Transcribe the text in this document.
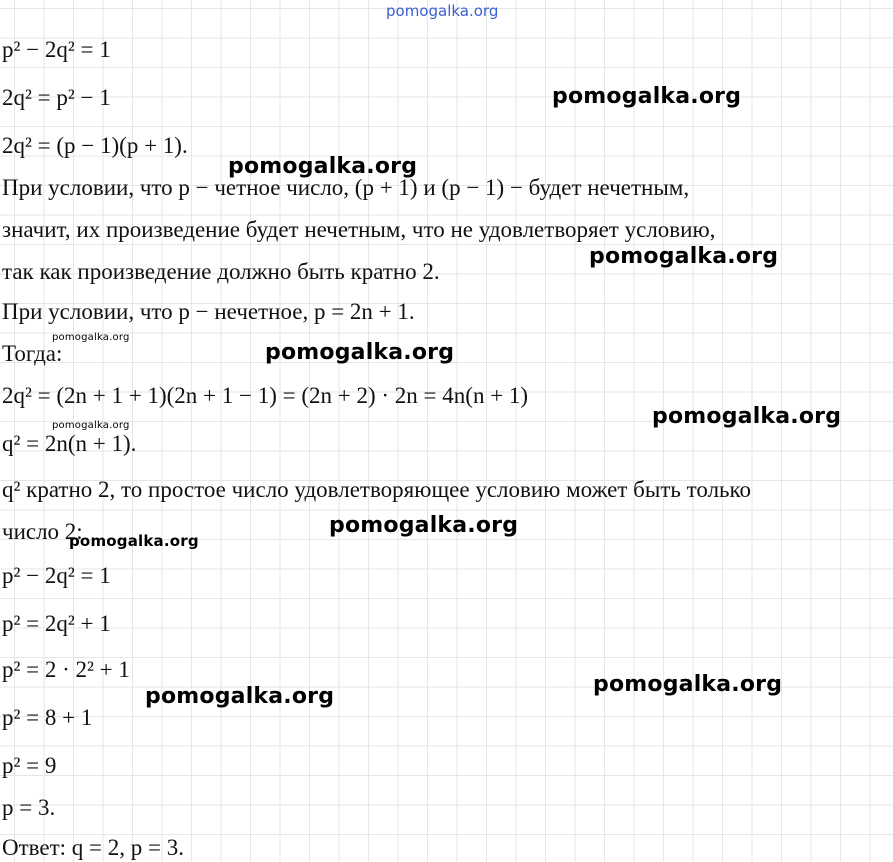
pomogalka.org
p² − 2q² = 1
2q² = p² − 1
2q² = (p − 1)(p + 1).
При условии, что p − четное число, (p + 1) и (p − 1) − будет нечетным,
значит, их произведение будет нечетным, что не удовлетворяет условию,
так как произведение должно быть кратно 2.
При условии, что p − нечетное, p = 2n + 1.
Тогда:
2q² = (2n + 1 + 1)(2n + 1 − 1) = (2n + 2) · 2n = 4n(n + 1)
q² = 2n(n + 1).
q² кратно 2, то простое число удовлетворяющее условию может быть только
число 2:
p² − 2q² = 1
p² = 2q² + 1
p² = 2 · 2² + 1
p² = 8 + 1
p² = 9
p = 3.
Ответ: q = 2, p = 3.
pomogalka.org
pomogalka.org
pomogalka.org
pomogalka.org
pomogalka.org
pomogalka.org
pomogalka.org
pomogalka.org
pomogalka.org
pomogalka.org
pomogalka.org
